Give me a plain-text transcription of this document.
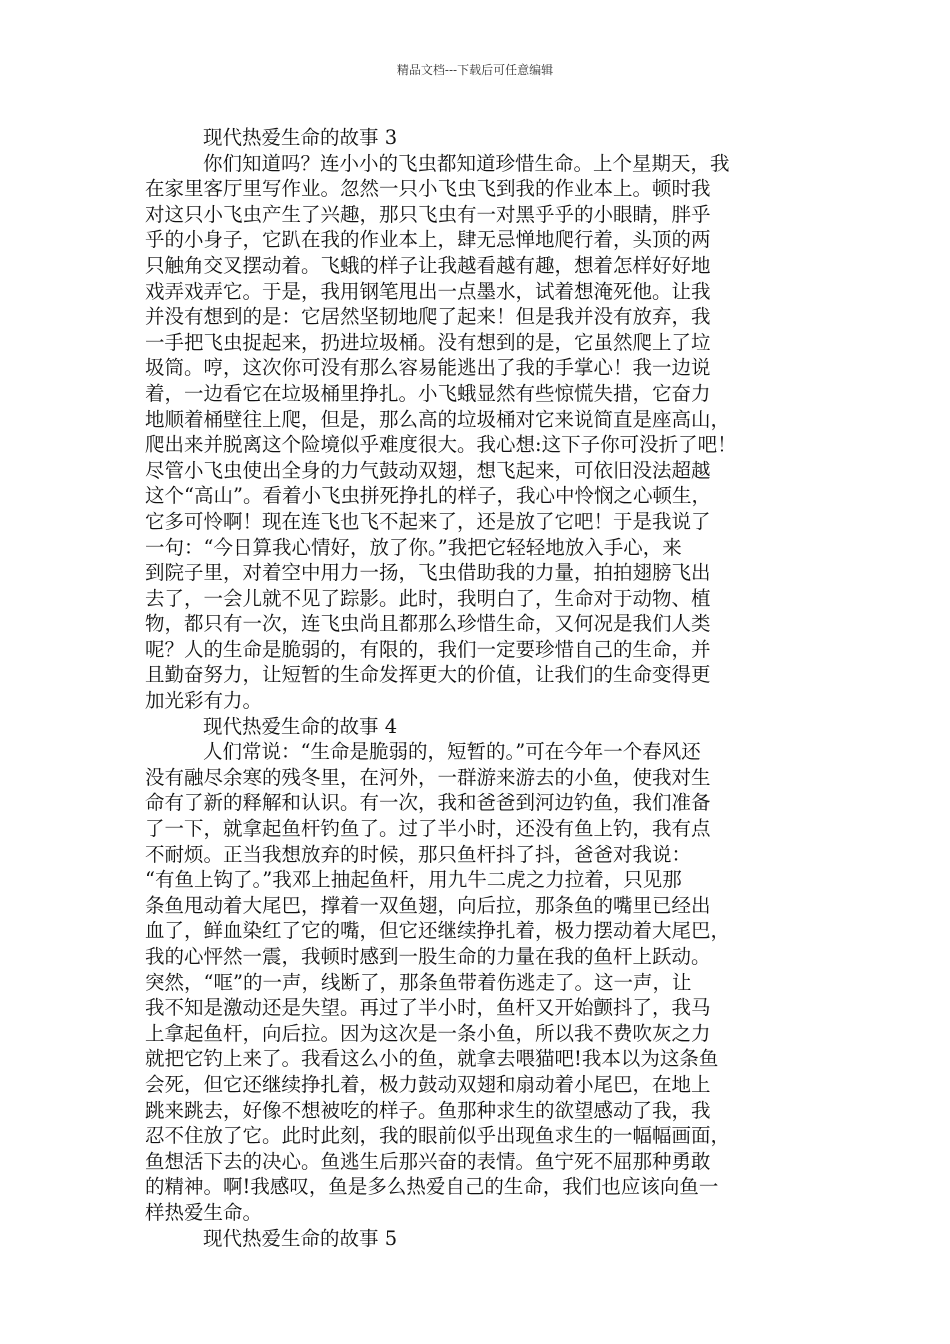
精品文档---下载后可任意编辑
现代热爱生命的故事 3
你们知道吗？连小小的飞虫都知道珍惜生命。上个星期天，我
在家里客厅里写作业。忽然一只小飞虫飞到我的作业本上。顿时我
对这只小飞虫产生了兴趣，那只飞虫有一对黑乎乎的小眼睛，胖乎
乎的小身子，它趴在我的作业本上，肆无忌惮地爬行着，头顶的两
只触角交叉摆动着。飞蛾的样子让我越看越有趣，想着怎样好好地
戏弄戏弄它。于是，我用钢笔甩出一点墨水，试着想淹死他。让我
并没有想到的是：它居然坚韧地爬了起来！但是我并没有放弃，我
一手把飞虫捉起来，扔进垃圾桶。没有想到的是，它虽然爬上了垃
圾筒。哼，这次你可没有那么容易能逃出了我的手掌心！我一边说
着，一边看它在垃圾桶里挣扎。小飞蛾显然有些惊慌失措，它奋力
地顺着桶壁往上爬，但是，那么高的垃圾桶对它来说简直是座高山，
爬出来并脱离这个险境似乎难度很大。我心想:这下子你可没折了吧！
尽管小飞虫使出全身的力气鼓动双翅，想飞起来，可依旧没法超越
这个“高山”。看着小飞虫拼死挣扎的样子，我心中怜悯之心顿生，
它多可怜啊！现在连飞也飞不起来了，还是放了它吧！于是我说了
一句：“今日算我心情好，放了你。”我把它轻轻地放入手心，来
到院子里，对着空中用力一扬，飞虫借助我的力量，拍拍翅膀飞出
去了，一会儿就不见了踪影。此时，我明白了，生命对于动物、植
物，都只有一次，连飞虫尚且都那么珍惜生命，又何况是我们人类
呢？人的生命是脆弱的，有限的，我们一定要珍惜自己的生命，并
且勤奋努力，让短暂的生命发挥更大的价值，让我们的生命变得更
加光彩有力。
现代热爱生命的故事 4
人们常说：“生命是脆弱的，短暂的。”可在今年一个春风还
没有融尽余寒的残冬里，在河外，一群游来游去的小鱼，使我对生
命有了新的释解和认识。有一次，我和爸爸到河边钓鱼，我们准备
了一下，就拿起鱼杆钓鱼了。过了半小时，还没有鱼上钓，我有点
不耐烦。正当我想放弃的时候，那只鱼杆抖了抖，爸爸对我说：
“有鱼上钩了。”我邓上抽起鱼杆，用九牛二虎之力拉着，只见那
条鱼甩动着大尾巴，撑着一双鱼翅，向后拉，那条鱼的嘴里已经出
血了，鲜血染红了它的嘴，但它还继续挣扎着，极力摆动着大尾巴，
我的心怦然一震，我顿时感到一股生命的力量在我的鱼杆上跃动。
突然，“哐”的一声，线断了，那条鱼带着伤逃走了。这一声，让
我不知是激动还是失望。再过了半小时，鱼杆又开始颤抖了，我马
上拿起鱼杆，向后拉。因为这次是一条小鱼，所以我不费吹灰之力
就把它钓上来了。我看这么小的鱼，就拿去喂猫吧!我本以为这条鱼
会死，但它还继续挣扎着，极力鼓动双翅和扇动着小尾巴，在地上
跳来跳去，好像不想被吃的样子。鱼那种求生的欲望感动了我，我
忍不住放了它。此时此刻，我的眼前似乎出现鱼求生的一幅幅画面，
鱼想活下去的决心。鱼逃生后那兴奋的表情。鱼宁死不屈那种勇敢
的精神。啊!我感叹，鱼是多么热爱自己的生命，我们也应该向鱼一
样热爱生命。
现代热爱生命的故事 5
